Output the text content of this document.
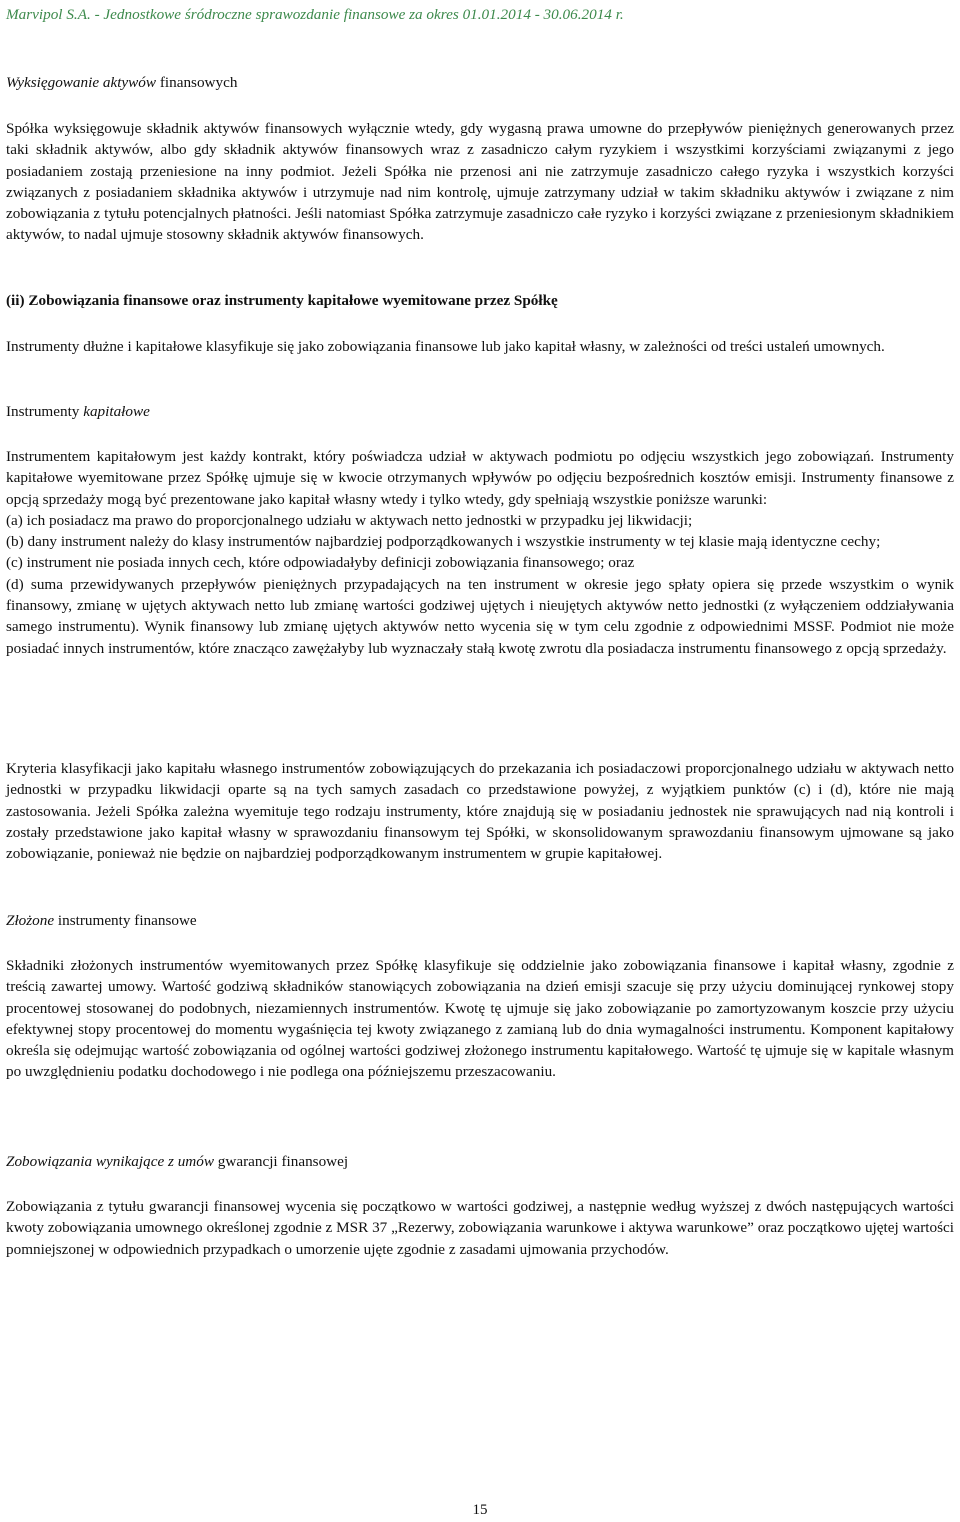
Marvipol S.A. - Jednostkowe śródroczne sprawozdanie finansowe za okres 01.01.2014 - 30.06.2014 r.
Wyksięgowanie aktywów finansowych

Spółka wyksięgowuje składnik aktywów finansowych wyłącznie wtedy, gdy wygasną prawa umowne do przepływów pieniężnych generowanych przez taki składnik aktywów, albo gdy składnik aktywów finansowych wraz z zasadniczo całym ryzykiem i wszystkimi korzyściami związanymi z jego posiadaniem zostają przeniesione na inny podmiot. Jeżeli Spółka nie przenosi ani nie zatrzymuje zasadniczo całego ryzyka i wszystkich korzyści związanych z posiadaniem składnika aktywów i utrzymuje nad nim kontrolę, ujmuje zatrzymany udział w takim składniku aktywów i związane z nim zobowiązania z tytułu potencjalnych płatności. Jeśli natomiast Spółka zatrzymuje zasadniczo całe ryzyko i korzyści związane z przeniesionym składnikiem aktywów, to nadal ujmuje stosowny składnik aktywów finansowych.

(ii) Zobowiązania finansowe oraz instrumenty kapitałowe wyemitowane przez Spółkę

Instrumenty dłużne i kapitałowe klasyfikuje się jako zobowiązania finansowe lub jako kapitał własny, w zależności od treści ustaleń umownych.

Instrumenty kapitałowe
Instrumentem kapitałowym jest każdy kontrakt, który poświadcza udział w aktywach podmiotu po odjęciu wszystkich jego zobowiązań. Instrumenty kapitałowe wyemitowane przez Spółkę ujmuje się w kwocie otrzymanych wpływów po odjęciu bezpośrednich kosztów emisji. Instrumenty finansowe z opcją sprzedaży mogą być prezentowane jako kapitał własny wtedy i tylko wtedy, gdy spełniają wszystkie poniższe warunki:
(a) ich posiadacz ma prawo do proporcjonalnego udziału w aktywach netto jednostki w przypadku jej likwidacji;
(b) dany instrument należy do klasy instrumentów najbardziej podporządkowanych i wszystkie instrumenty w tej klasie mają identyczne cechy;
(c) instrument nie posiada innych cech, które odpowiadałyby definicji zobowiązania finansowego; oraz
(d) suma przewidywanych przepływów pieniężnych przypadających na ten instrument w okresie jego spłaty opiera się przede wszystkim o wynik finansowy, zmianę w ujętych aktywach netto lub zmianę wartości godziwej ujętych i nieujętych aktywów netto jednostki (z wyłączeniem oddziaływania samego instrumentu). Wynik finansowy lub zmianę ujętych aktywów netto wycenia się w tym celu zgodnie z odpowiednimi MSSF. Podmiot nie może posiadać innych instrumentów, które znacząco zawężałyby lub wyznaczały stałą kwotę zwrotu dla posiadacza instrumentu finansowego z opcją sprzedaży.

Kryteria klasyfikacji jako kapitału własnego instrumentów zobowiązujących do przekazania ich posiadaczowi proporcjonalnego udziału w aktywach netto jednostki w przypadku likwidacji oparte są na tych samych zasadach co przedstawione powyżej, z wyjątkiem punktów (c) i (d), które nie mają zastosowania. Jeżeli Spółka zależna wyemituje tego rodzaju instrumenty, które znajdują się w posiadaniu jednostek nie sprawujących nad nią kontroli i zostały przedstawione jako kapitał własny w sprawozdaniu finansowym tej Spółki, w skonsolidowanym sprawozdaniu finansowym ujmowane są jako zobowiązanie, ponieważ nie będzie on najbardziej podporządkowanym instrumentem w grupie kapitałowej.

Złożone instrumenty finansowe

Składniki złożonych instrumentów wyemitowanych przez Spółkę klasyfikuje się oddzielnie jako zobowiązania finansowe i kapitał własny, zgodnie z treścią zawartej umowy. Wartość godziwą składników stanowiących zobowiązania na dzień emisji szacuje się przy użyciu dominującej rynkowej stopy procentowej stosowanej do podobnych, niezamiennych instrumentów. Kwotę tę ujmuje się jako zobowiązanie po zamortyzowanym koszcie przy użyciu efektywnej stopy procentowej do momentu wygaśnięcia tej kwoty związanego z zamianą lub do dnia wymagalności instrumentu. Komponent kapitałowy określa się odejmując wartość zobowiązania od ogólnej wartości godziwej złożonego instrumentu kapitałowego. Wartość tę ujmuje się w kapitale własnym po uwzględnieniu podatku dochodowego i nie podlega ona późniejszemu przeszacowaniu.

Zobowiązania wynikające z umów gwarancji finansowej

Zobowiązania z tytułu gwarancji finansowej wycenia się początkowo w wartości godziwej, a następnie według wyższej z dwóch następujących wartości kwoty zobowiązania umownego określonej zgodnie z MSR 37 „Rezerwy, zobowiązania warunkowe i aktywa warunkowe” oraz początkowo ujętej wartości pomniejszonej w odpowiednich przypadkach o umorzenie ujęte zgodnie z zasadami ujmowania przychodów.

15
